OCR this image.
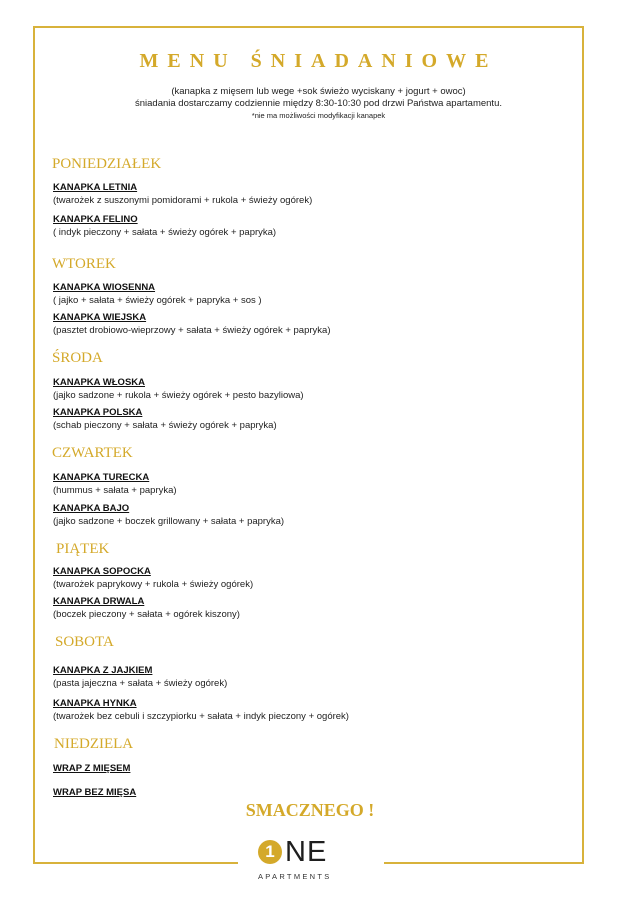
MENU ŚNIADANIOWE
(kanapka z mięsem lub wege +sok świeżo wyciskany + jogurt + owoc)
śniadania dostarczamy codziennie między 8:30-10:30 pod drzwi Państwa apartamentu.
*nie ma możliwości modyfikacji kanapek
PONIEDZIAŁEK
KANAPKA LETNIA
(twarożek z suszonymi pomidorami + rukola + świeży ogórek)
KANAPKA FELINO
( indyk pieczony + sałata + świeży ogórek + papryka)
WTOREK
KANAPKA WIOSENNA
( jajko + sałata + świeży ogórek + papryka + sos )
KANAPKA WIEJSKA
(pasztet drobiowo-wieprzowy + sałata + świeży ogórek + papryka)
ŚRODA
KANAPKA WŁOSKA
(jajko sadzone + rukola + świeży ogórek + pesto bazyliowa)
KANAPKA POLSKA
(schab pieczony + sałata + świeży ogórek + papryka)
CZWARTEK
KANAPKA TURECKA
(hummus + sałata + papryka)
KANAPKA BAJO
(jajko sadzone + boczek grillowany + sałata + papryka)
PIĄTEK
KANAPKA SOPOCKA
(twarożek paprykowy + rukola + świeży ogórek)
KANAPKA DRWALA
(boczek pieczony + sałata + ogórek kiszony)
SOBOTA
KANAPKA Z JAJKIEM
(pasta jajeczna + sałata + świeży ogórek)
KANAPKA HYNKA
(twarożek bez cebuli i szczypiorku + sałata + indyk pieczony + ogórek)
NIEDZIELA
WRAP Z MIĘSEM
WRAP BEZ MIĘSA
SMACZNEGO !
1 NE
APARTMENTS
